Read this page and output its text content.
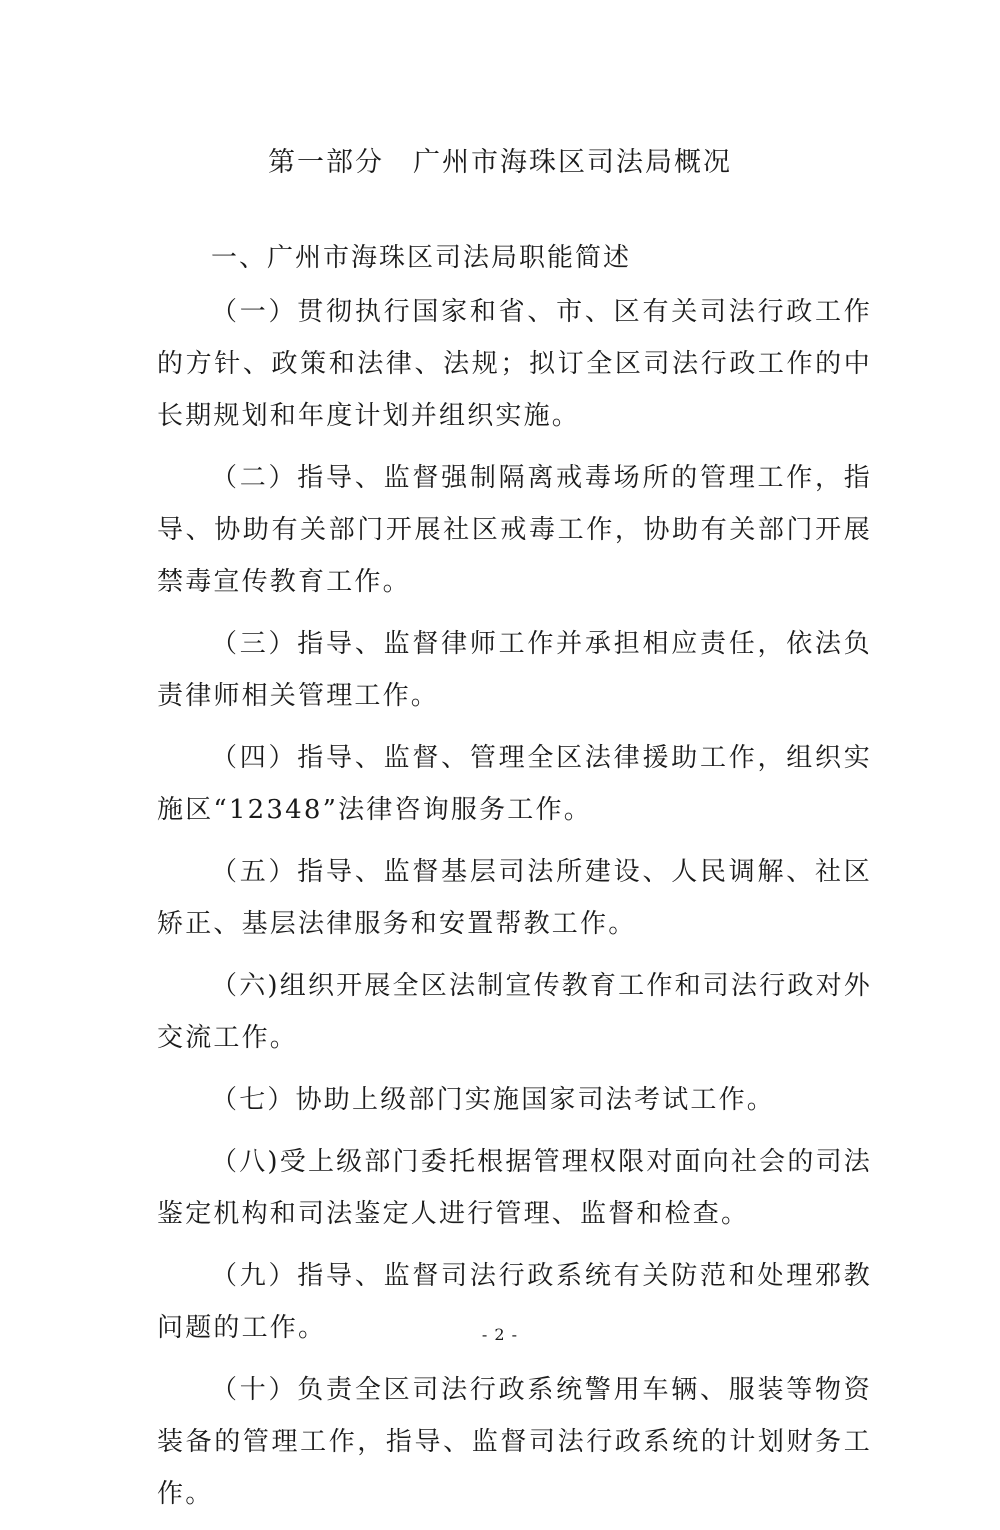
第一部分　广州市海珠区司法局概况

一、广州市海珠区司法局职能简述

（一）贯彻执行国家和省、市、区有关司法行政工作的方针、政策和法律、法规；拟订全区司法行政工作的中长期规划和年度计划并组织实施。

（二）指导、监督强制隔离戒毒场所的管理工作，指导、协助有关部门开展社区戒毒工作，协助有关部门开展禁毒宣传教育工作。

（三）指导、监督律师工作并承担相应责任，依法负责律师相关管理工作。

（四）指导、监督、管理全区法律援助工作，组织实施区“12348”法律咨询服务工作。

（五）指导、监督基层司法所建设、人民调解、社区矫正、基层法律服务和安置帮教工作。

（六)组织开展全区法制宣传教育工作和司法行政对外交流工作。

（七）协助上级部门实施国家司法考试工作。

（八)受上级部门委托根据管理权限对面向社会的司法鉴定机构和司法鉴定人进行管理、监督和检查。

（九）指导、监督司法行政系统有关防范和处理邪教问题的工作。

（十）负责全区司法行政系统警用车辆、服装等物资装备的管理工作，指导、监督司法行政系统的计划财务工作。

- 2 -
